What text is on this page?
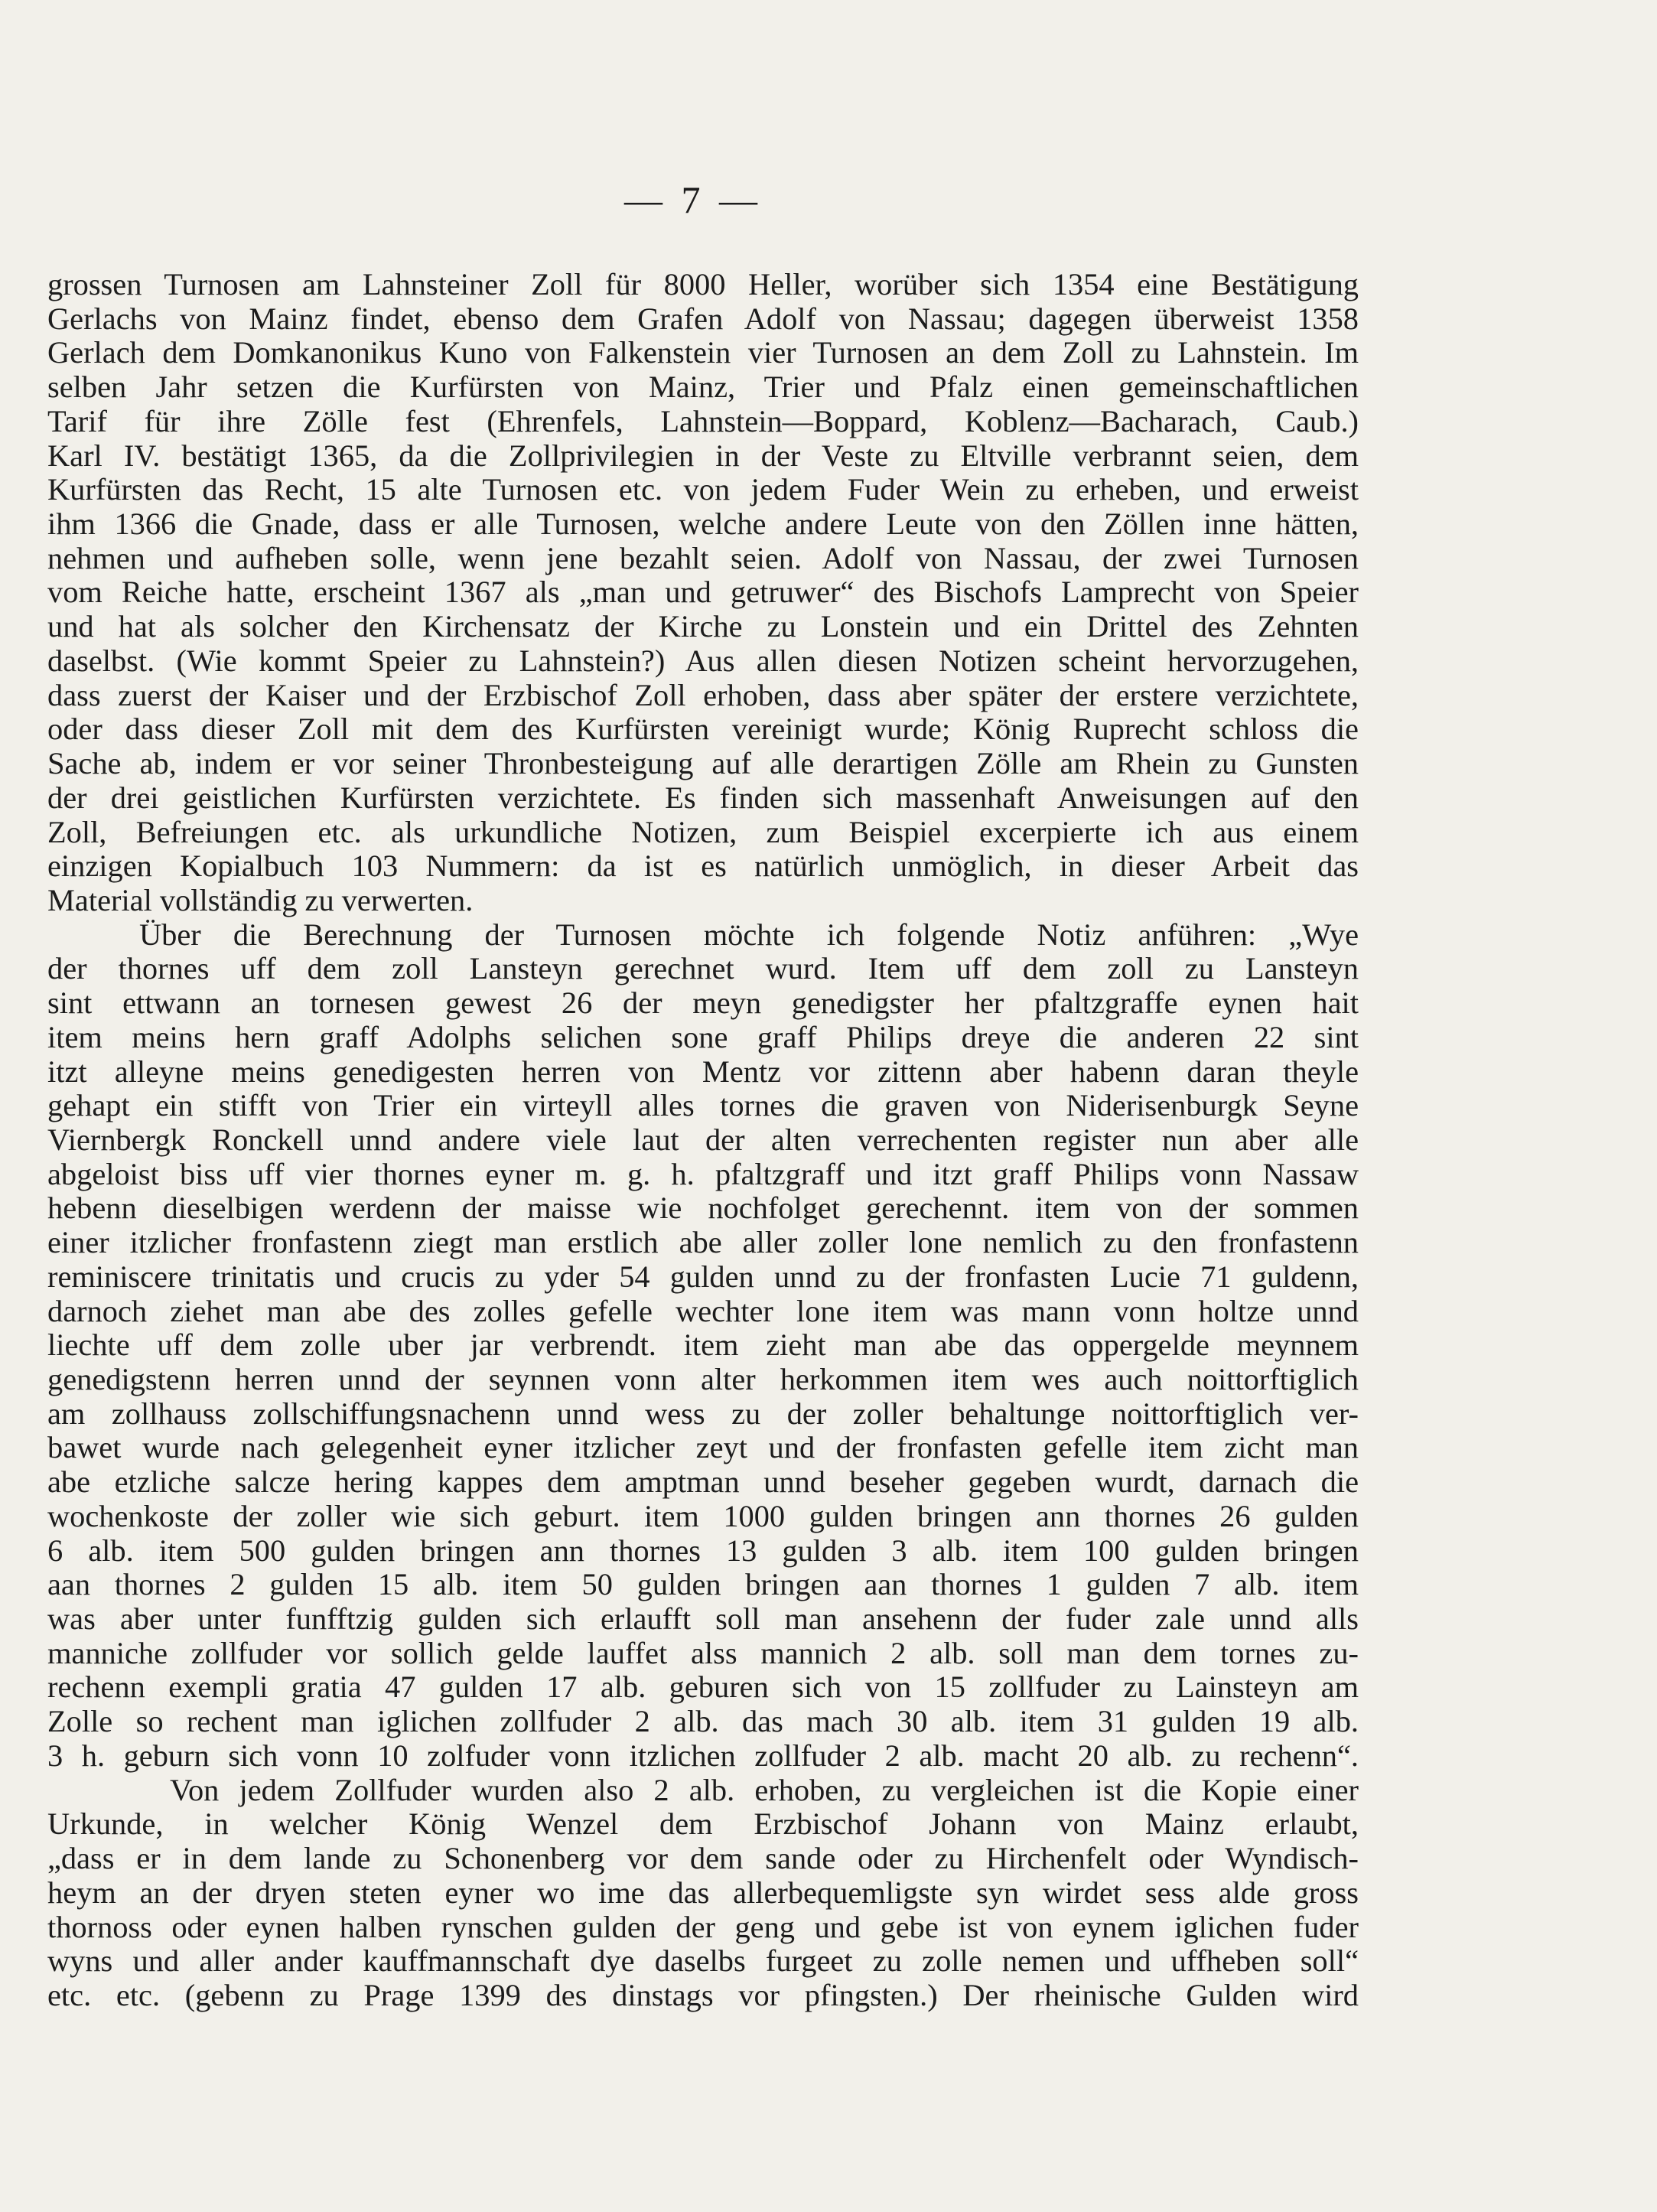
— 7 —
grossen Turnosen am Lahnsteiner Zoll für 8000 Heller, worüber sich 1354 eine Bestätigung
Gerlachs von Mainz findet, ebenso dem Grafen Adolf von Nassau; dagegen überweist 1358
Gerlach dem Domkanonikus Kuno von Falkenstein vier Turnosen an dem Zoll zu Lahnstein. Im
selben Jahr setzen die Kurfürsten von Mainz, Trier und Pfalz einen gemeinschaftlichen
Tarif für ihre Zölle fest (Ehrenfels, Lahnstein—Boppard, Koblenz—Bacharach, Caub.)
Karl IV. bestätigt 1365, da die Zollprivilegien in der Veste zu Eltville verbrannt seien, dem
Kurfürsten das Recht, 15 alte Turnosen etc. von jedem Fuder Wein zu erheben, und erweist
ihm 1366 die Gnade, dass er alle Turnosen, welche andere Leute von den Zöllen inne hätten,
nehmen und aufheben solle, wenn jene bezahlt seien. Adolf von Nassau, der zwei Turnosen
vom Reiche hatte, erscheint 1367 als „man und getruwer“ des Bischofs Lamprecht von Speier
und hat als solcher den Kirchensatz der Kirche zu Lonstein und ein Drittel des Zehnten
daselbst. (Wie kommt Speier zu Lahnstein?) Aus allen diesen Notizen scheint hervorzugehen,
dass zuerst der Kaiser und der Erzbischof Zoll erhoben, dass aber später der erstere verzichtete,
oder dass dieser Zoll mit dem des Kurfürsten vereinigt wurde; König Ruprecht schloss die
Sache ab, indem er vor seiner Thronbesteigung auf alle derartigen Zölle am Rhein zu Gunsten
der drei geistlichen Kurfürsten verzichtete. Es finden sich massenhaft Anweisungen auf den
Zoll, Befreiungen etc. als urkundliche Notizen, zum Beispiel excerpierte ich aus einem
einzigen Kopialbuch 103 Nummern: da ist es natürlich unmöglich, in dieser Arbeit das
Material vollständig zu verwerten.
Über die Berechnung der Turnosen möchte ich folgende Notiz anführen: „Wye
der thornes uff dem zoll Lansteyn gerechnet wurd. Item uff dem zoll zu Lansteyn
sint ettwann an tornesen gewest 26 der meyn genedigster her pfaltzgraffe eynen hait
item meins hern graff Adolphs selichen sone graff Philips dreye die anderen 22 sint
itzt alleyne meins genedigesten herren von Mentz vor zittenn aber habenn daran theyle
gehapt ein stifft von Trier ein virteyll alles tornes die graven von Niderisenburgk Seyne
Viernbergk Ronckell unnd andere viele laut der alten verrechenten register nun aber alle
abgeloist biss uff vier thornes eyner m. g. h. pfaltzgraff und itzt graff Philips vonn Nassaw
hebenn dieselbigen werdenn der maisse wie nochfolget gerechennt. item von der sommen
einer itzlicher fronfastenn ziegt man erstlich abe aller zoller lone nemlich zu den fronfastenn
reminiscere trinitatis und crucis zu yder 54 gulden unnd zu der fronfasten Lucie 71 guldenn,
darnoch ziehet man abe des zolles gefelle wechter lone item was mann vonn holtze unnd
liechte uff dem zolle uber jar verbrendt. item zieht man abe das oppergelde meynnem
genedigstenn herren unnd der seynnen vonn alter herkommen item wes auch noittorftiglich
am zollhauss zollschiffungsnachenn unnd wess zu der zoller behaltunge noittorftiglich ver-
bawet wurde nach gelegenheit eyner itzlicher zeyt und der fronfasten gefelle item zicht man
abe etzliche salcze hering kappes dem amptman unnd beseher gegeben wurdt, darnach die
wochenkoste der zoller wie sich geburt. item 1000 gulden bringen ann thornes 26 gulden
6 alb. item 500 gulden bringen ann thornes 13 gulden 3 alb. item 100 gulden bringen
aan thornes 2 gulden 15 alb. item 50 gulden bringen aan thornes 1 gulden 7 alb. item
was aber unter funfftzig gulden sich erlaufft soll man ansehenn der fuder zale unnd alls
manniche zollfuder vor sollich gelde lauffet alss mannich 2 alb. soll man dem tornes zu-
rechenn exempli gratia 47 gulden 17 alb. geburen sich von 15 zollfuder zu Lainsteyn am
Zolle so rechent man iglichen zollfuder 2 alb. das mach 30 alb. item 31 gulden 19 alb.
3 h. geburn sich vonn 10 zolfuder vonn itzlichen zollfuder 2 alb. macht 20 alb. zu rechenn“.
Von jedem Zollfuder wurden also 2 alb. erhoben, zu vergleichen ist die Kopie einer
Urkunde, in welcher König Wenzel dem Erzbischof Johann von Mainz erlaubt,
„dass er in dem lande zu Schonenberg vor dem sande oder zu Hirchenfelt oder Wyndisch-
heym an der dryen steten eyner wo ime das allerbequemligste syn wirdet sess alde gross
thornoss oder eynen halben rynschen gulden der geng und gebe ist von eynem iglichen fuder
wyns und aller ander kauffmannschaft dye daselbs furgeet zu zolle nemen und uffheben soll“
etc. etc. (gebenn zu Prage 1399 des dinstags vor pfingsten.) Der rheinische Gulden wird
